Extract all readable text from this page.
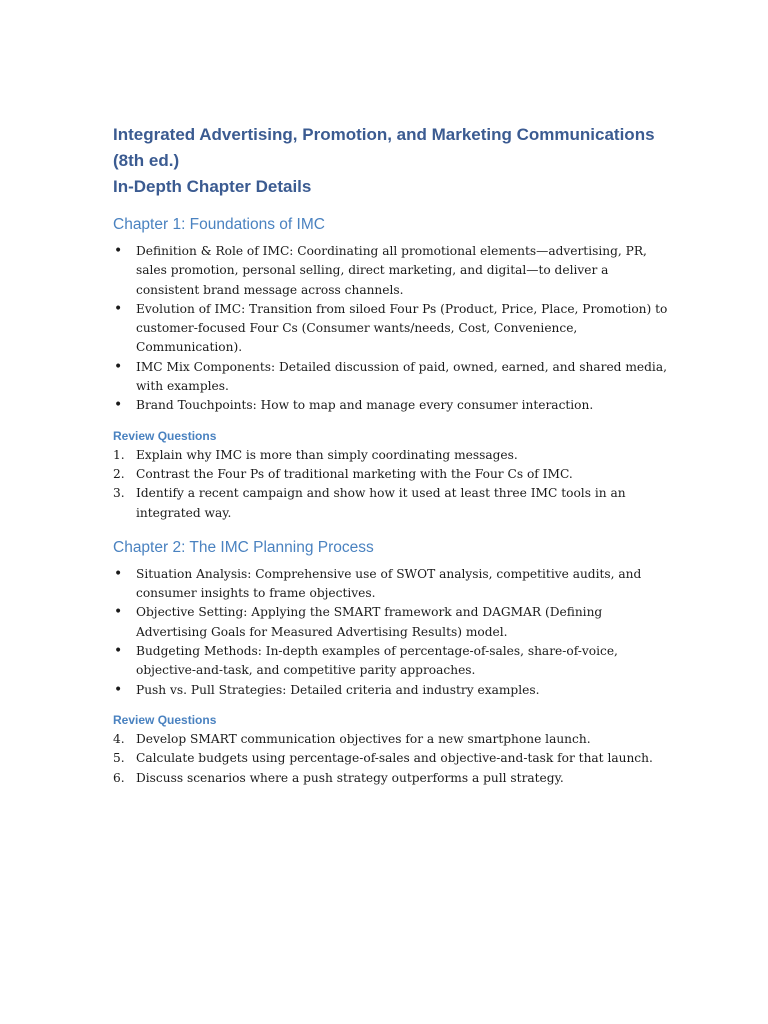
Integrated Advertising, Promotion, and Marketing Communications (8th ed.)
In-Depth Chapter Details
Chapter 1: Foundations of IMC
•	Definition & Role of IMC: Coordinating all promotional elements—advertising, PR, sales promotion, personal selling, direct marketing, and digital—to deliver a consistent brand message across channels.
•	Evolution of IMC: Transition from siloed Four Ps (Product, Price, Place, Promotion) to customer-focused Four Cs (Consumer wants/needs, Cost, Convenience, Communication).
•	IMC Mix Components: Detailed discussion of paid, owned, earned, and shared media, with examples.
•	Brand Touchpoints: How to map and manage every consumer interaction.
Review Questions
1. Explain why IMC is more than simply coordinating messages.
2. Contrast the Four Ps of traditional marketing with the Four Cs of IMC.
3. Identify a recent campaign and show how it used at least three IMC tools in an integrated way.
Chapter 2: The IMC Planning Process
•	Situation Analysis: Comprehensive use of SWOT analysis, competitive audits, and consumer insights to frame objectives.
•	Objective Setting: Applying the SMART framework and DAGMAR (Defining Advertising Goals for Measured Advertising Results) model.
•	Budgeting Methods: In-depth examples of percentage-of-sales, share-of-voice, objective-and-task, and competitive parity approaches.
•	Push vs. Pull Strategies: Detailed criteria and industry examples.
Review Questions
4. Develop SMART communication objectives for a new smartphone launch.
5. Calculate budgets using percentage-of-sales and objective-and-task for that launch.
6. Discuss scenarios where a push strategy outperforms a pull strategy.
